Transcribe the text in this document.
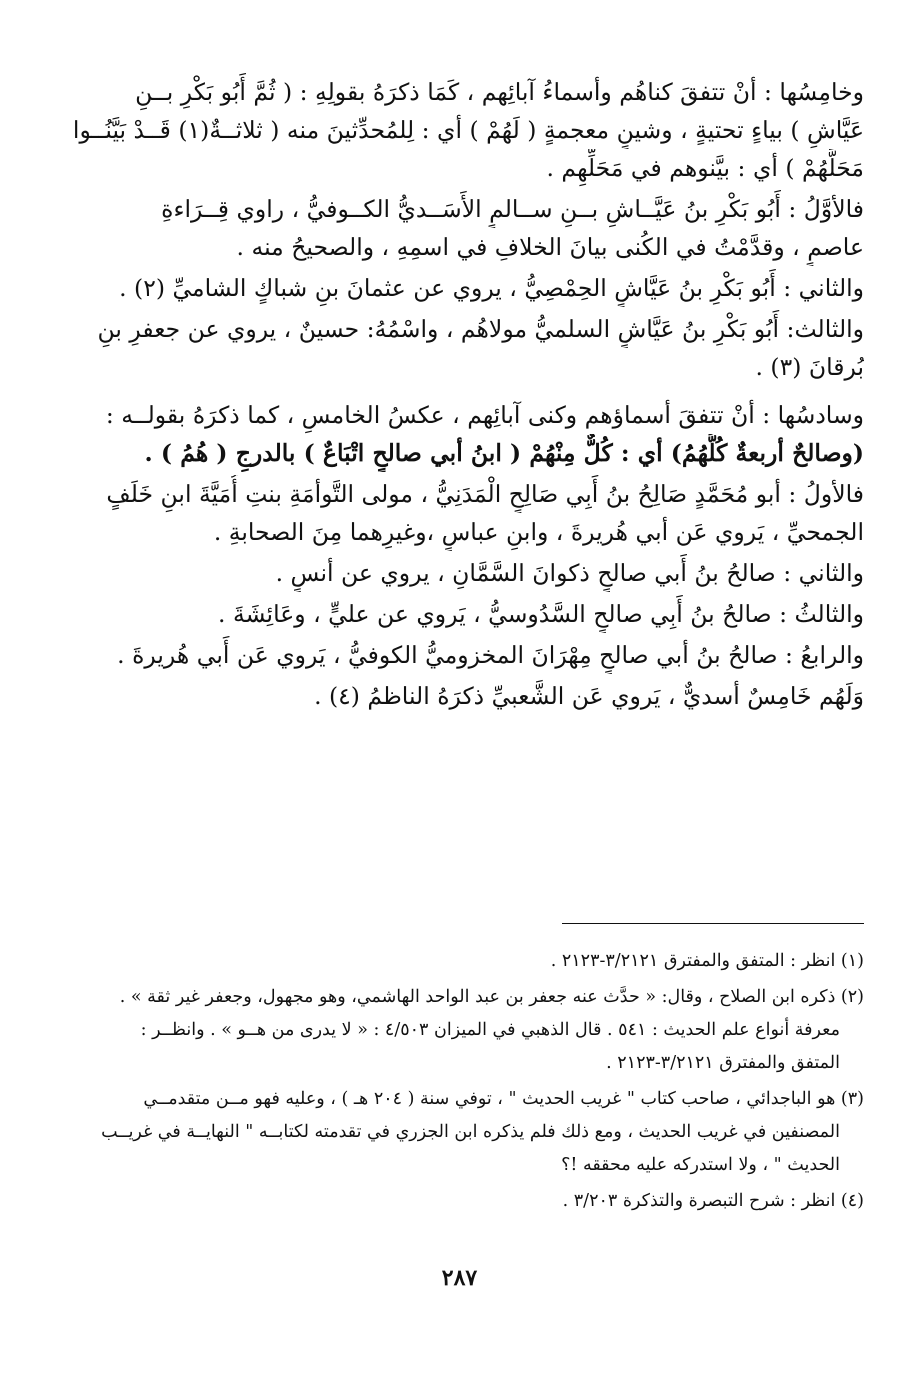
وخامِسُها : أنْ تتفقَ كناهُم وأسماءُ آبائِهم ، كَمَا ذكرَهُ بقولِهِ : ( ثُمَّ أَبُو بَكْرِ بــنِ
عَيَّاشِ ) بياءٍ تحتيةٍ ، وشينٍ معجمةٍ ( لَهُمْ ) أي : لِلمُحدِّثينَ منه ( ثلاثــةٌ(١) قَــدْ بَيَّنُــوا
مَحَلَّهُمْ ) أي : بيَّنوهم في مَحَلِّهِم .
فالأوَّلُ : أَبُو بَكْرِ بنُ عَيَّــاشِ بــنِ ســالمٍ الأَسَــديُّ الكــوفيُّ ، راوي قِــرَاءةِ
عاصمٍ ، وقدَّمْتُ في الكُنى بيانَ الخلافِ في اسمِهِ ، والصحيحُ منه .
والثاني : أَبُو بَكْرِ بنُ عَيَّاشٍ الحِمْصِيُّ ، يروي عن عثمانَ بنِ شباكٍ الشاميِّ (٢) .
والثالث: أَبُو بَكْرِ بنُ عَيَّاشٍ السلميُّ مولاهُم ، واسْمُهُ: حسينٌ ، يروي عن جعفرِ بنِ
بُرقانَ (٣) .
وسادسُها : أنْ تتفقَ أسماؤهم وكنى آبائِهم ، عكسُ الخامسِ ، كما ذكرَهُ بقولــه :
(وصالحٌ أربعةٌ كُلُّهُمُ) أي : كُلٌّ مِنْهُمْ ( ابنُ أبي صالحٍ اتْبَاعٌ ) بالدرجِ ( هُمُ ) .
فالأولُ : أبو مُحَمَّدٍ صَالِحُ بنُ أَبِي صَالِحٍ الْمَدَنِيُّ ، مولى التَّوأمَةِ بنتِ أُمَيَّةَ ابنِ خَلَفٍ
الجمحيِّ ، يَروي عَن أبي هُريرةَ ، وابنِ عباسٍ ،وغيرِهما مِنَ الصحابةِ .
والثاني : صالحُ بنُ أَبي صالحٍ ذكوانَ السَّمَّانِ ، يروي عن أنسٍ .
والثالثُ : صالحُ بنُ أَبِي صالحٍ السَّدُوسيُّ ، يَروي عن عليٍّ ، وعَائِشَةَ .
والرابعُ : صالحُ بنُ أبي صالحٍ مِهْرَانَ المخزوميُّ الكوفيُّ ، يَروي عَن أَبي هُريرةَ .
وَلَهُم خَامِسٌ أسديٌّ ، يَروي عَن الشَّعبيِّ ذكرَهُ الناظمُ (٤) .
(١) انظر : المتفق والمفترق ٣/٢١٢١-٢١٢٣ .
(٢) ذكره ابن الصلاح ، وقال: « حدَّث عنه جعفر بن عبد الواحد الهاشمي، وهو مجهول، وجعفر غير ثقة » .
معرفة أنواع علم الحديث : ٥٤١ . قال الذهبي في الميزان ٤/٥٠٣ : « لا يدرى من هــو » . وانظــر :
المتفق والمفترق ٣/٢١٢١-٢١٢٣ .
(٣) هو الباجدائي ، صاحب كتاب " غريب الحديث " ، توفي سنة ( ٢٠٤ هـ ) ، وعليه فهو مــن متقدمــي
المصنفين في غريب الحديث ، ومع ذلك فلم يذكره ابن الجزري في تقدمته لكتابــه " النهايــة في غريــب
الحديث " ، ولا استدركه عليه محققه !؟
(٤) انظر : شرح التبصرة والتذكرة ٣/٢٠٣ .
٢٨٧
